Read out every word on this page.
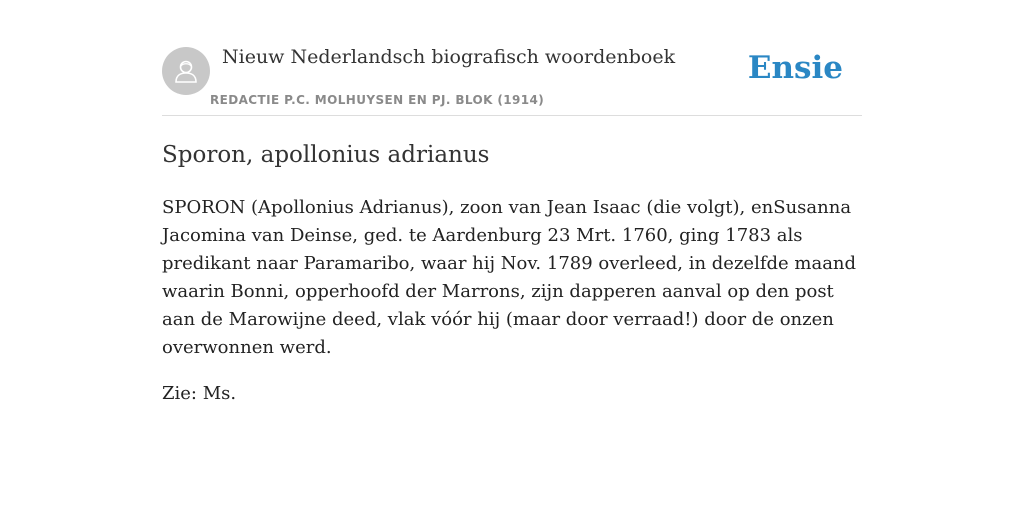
Nieuw Nederlandsch biografisch woordenboek
REDACTIE P.C. MOLHUYSEN EN PJ. BLOK (1914)
Ensie
Sporon, apollonius adrianus

SPORON (Apollonius Adrianus), zoon van Jean Isaac (die volgt), enSusanna Jacomina van Deinse, ged. te Aardenburg 23 Mrt. 1760, ging 1783 als predikant naar Paramaribo, waar hij Nov. 1789 overleed, in dezelfde maand waarin Bonni, opperhoofd der Marrons, zijn dapperen aanval op den post aan de Marowijne deed, vlak vóór hij (maar door verraad!) door de onzen overwonnen werd.

Zie: Ms.
